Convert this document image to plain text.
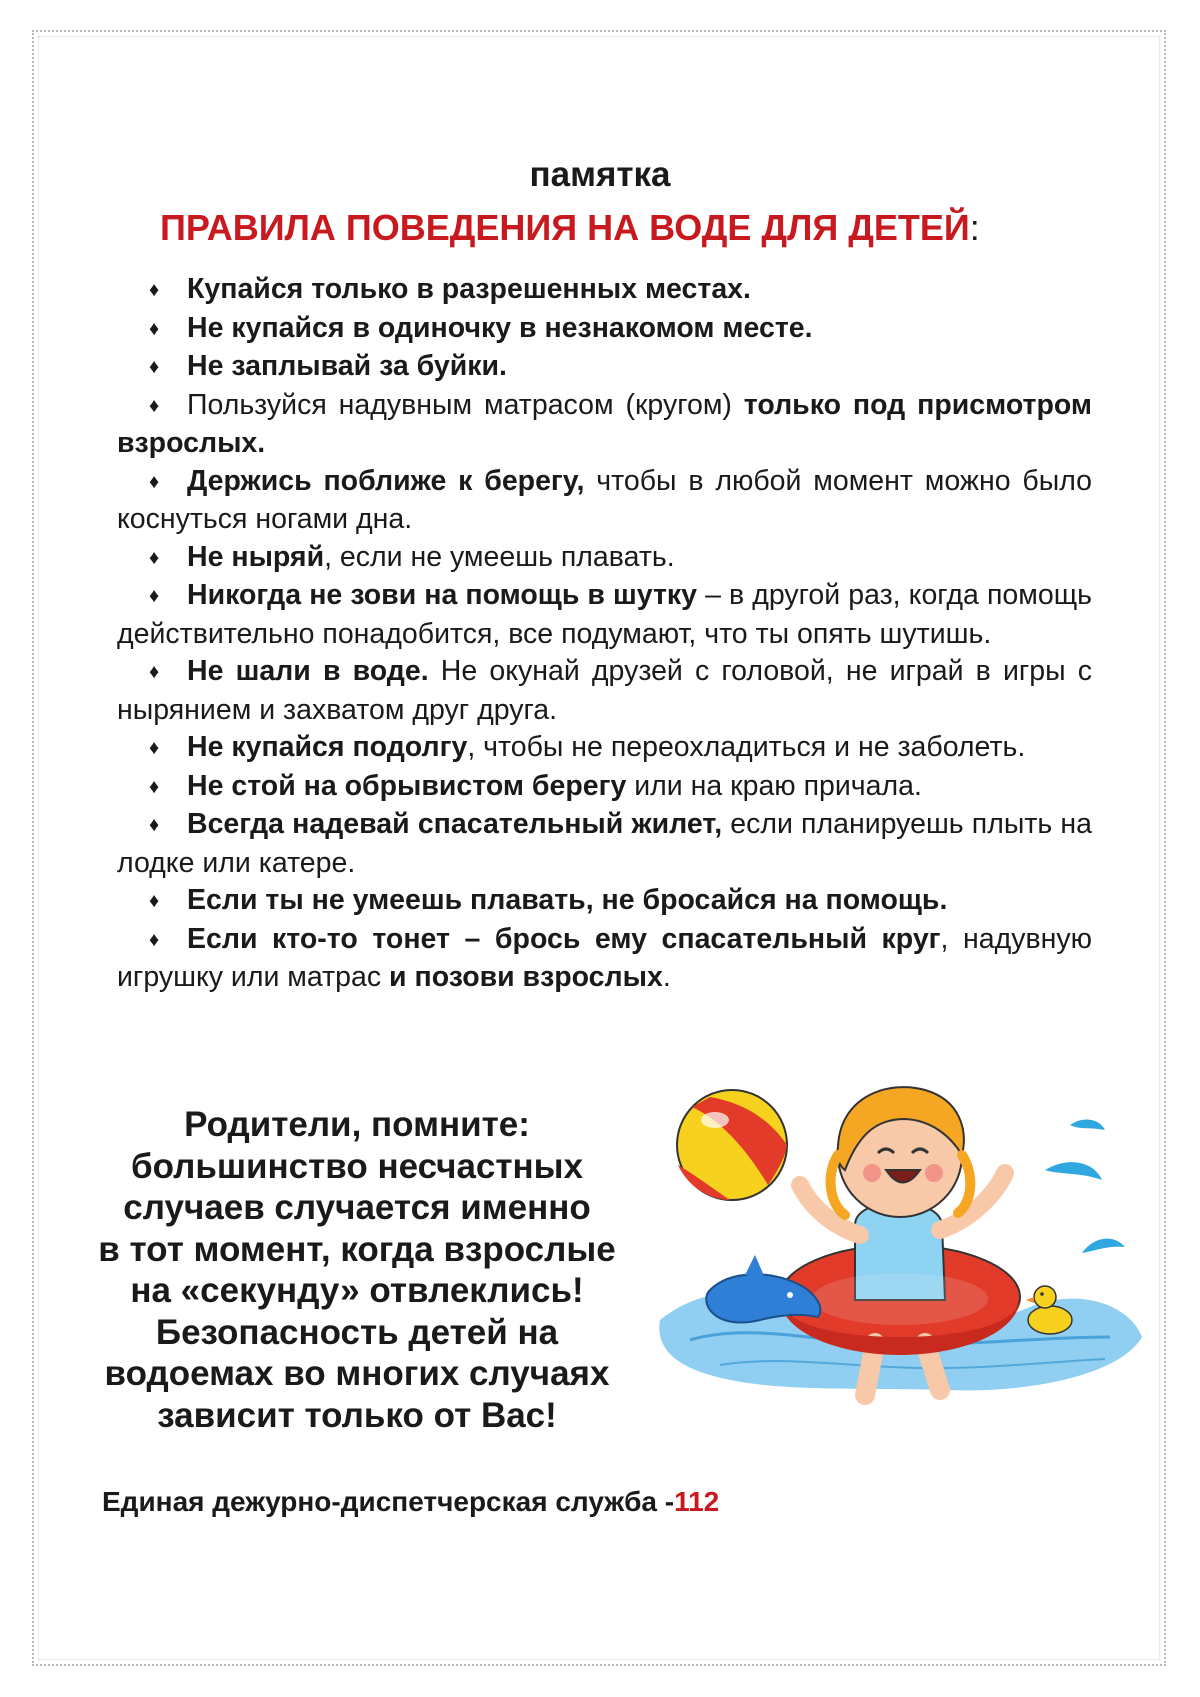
памятка
ПРАВИЛА ПОВЕДЕНИЯ НА ВОДЕ ДЛЯ ДЕТЕЙ:
♦ Купайся только в разрешенных местах.
♦ Не купайся в одиночку в незнакомом месте.
♦ Не заплывай за буйки.
♦ Пользуйся надувным матрасом (кругом) только под присмотром взрослых.
♦ Держись поближе к берегу, чтобы в любой момент можно было коснуться ногами дна.
♦ Не ныряй, если не умеешь плавать.
♦ Никогда не зови на помощь в шутку – в другой раз, когда помощь действительно понадобится, все подумают, что ты опять шутишь.
♦ Не шали в воде. Не окунай друзей с головой, не играй в игры с нырянием и захватом друг друга.
♦ Не купайся подолгу, чтобы не переохладиться и не заболеть.
♦ Не стой на обрывистом берегу или на краю причала.
♦ Всегда надевай спасательный жилет, если планируешь плыть на лодке или катере.
♦ Если ты не умеешь плавать, не бросайся на помощь.
♦ Если кто-то тонет – брось ему спасательный круг, надувную игрушку или матрас и позови взрослых.
Родители, помните:
большинство несчастных
случаев случается именно
в тот момент, когда взрослые
на «секунду» отвлеклись!
Безопасность детей на
водоемах во многих случаях
зависит только от Вас!
Единая дежурно-диспетчерская служба -112
